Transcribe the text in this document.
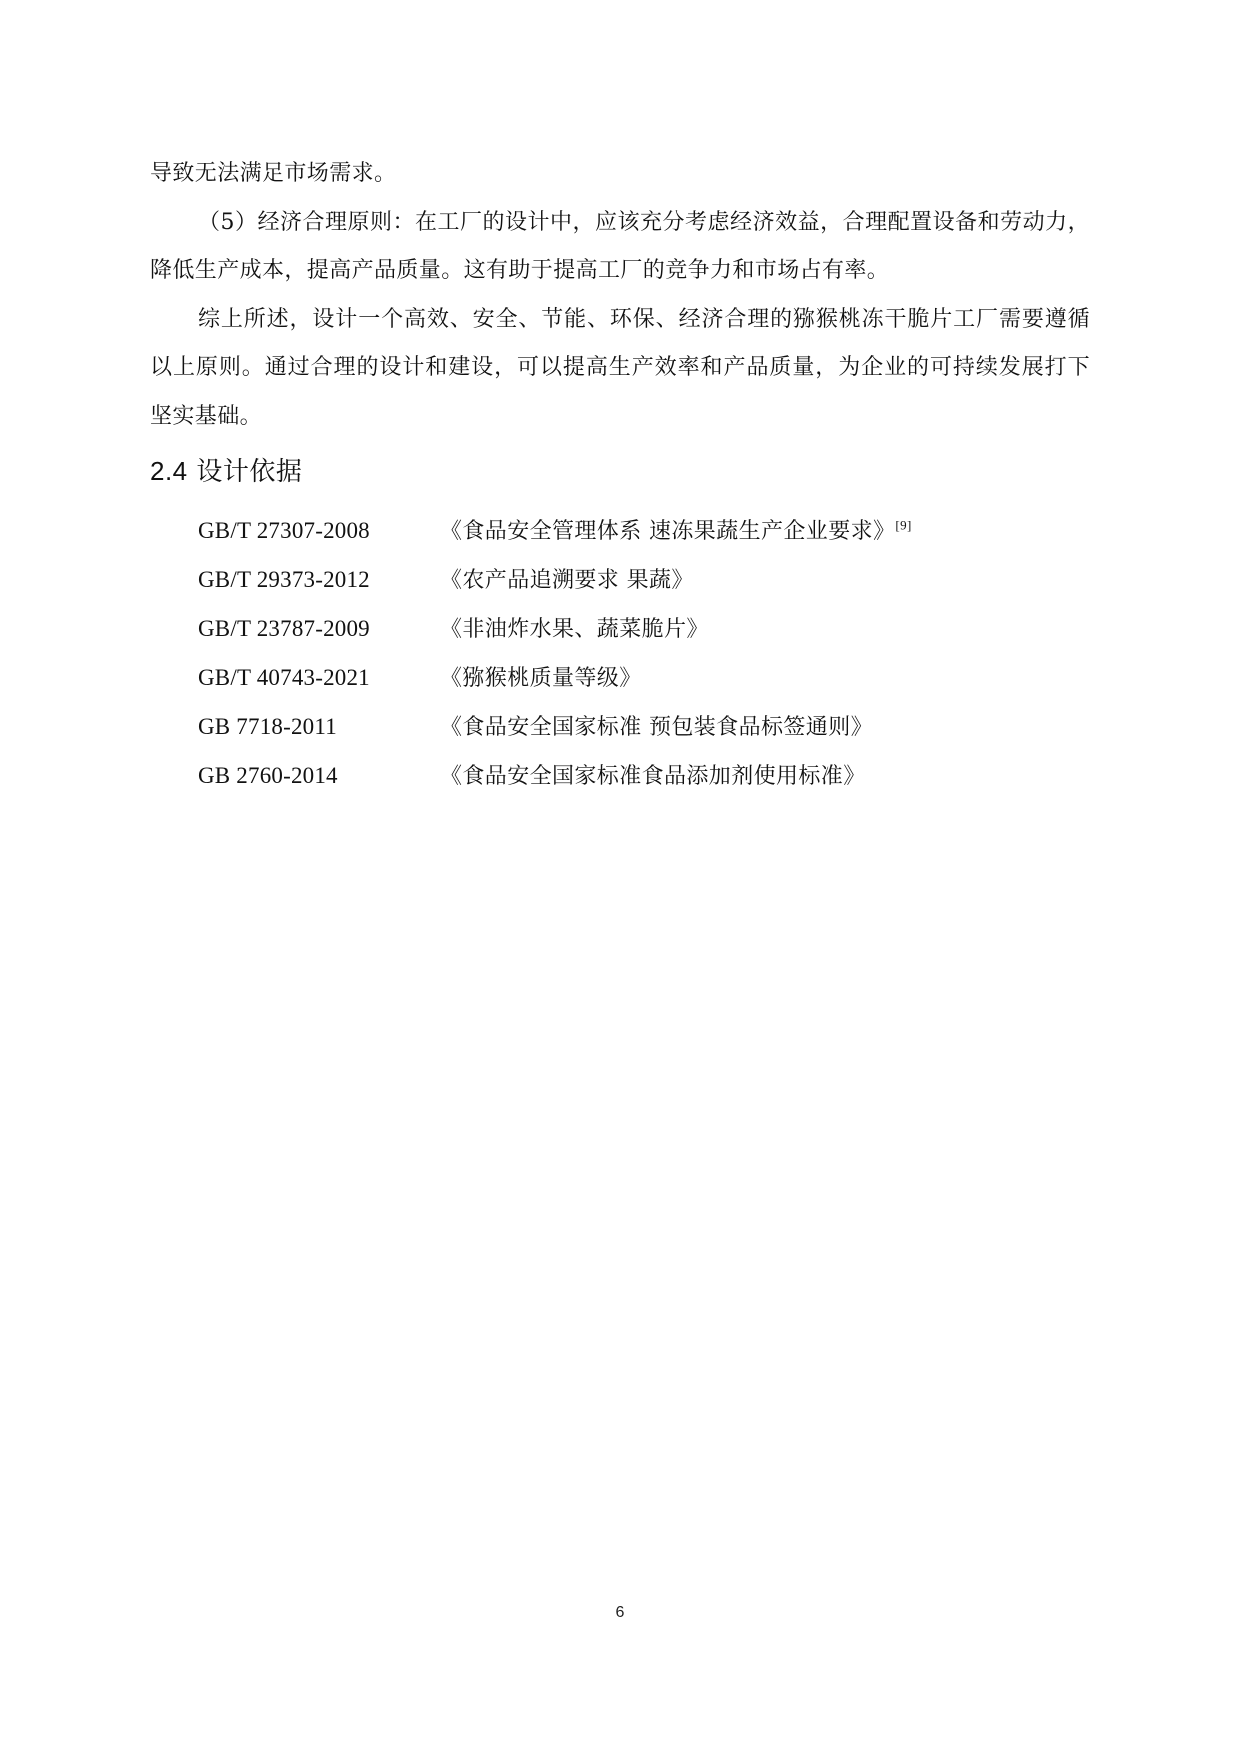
导致无法满足市场需求。

（5）经济合理原则：在工厂的设计中，应该充分考虑经济效益，合理配置设备和劳动力，降低生产成本，提高产品质量。这有助于提高工厂的竞争力和市场占有率。

综上所述，设计一个高效、安全、节能、环保、经济合理的猕猴桃冻干脆片工厂需要遵循以上原则。通过合理的设计和建设，可以提高生产效率和产品质量，为企业的可持续发展打下坚实基础。

2.4 设计依据
GB/T 27307-2008	《食品安全管理体系 速冻果蔬生产企业要求》[9]
GB/T 29373-2012	《农产品追溯要求 果蔬》
GB/T 23787-2009	《非油炸水果、蔬菜脆片》
GB/T 40743-2021	《猕猴桃质量等级》
GB 7718-2011	《食品安全国家标准 预包装食品标签通则》
GB 2760-2014	《食品安全国家标准食品添加剂使用标准》
6
